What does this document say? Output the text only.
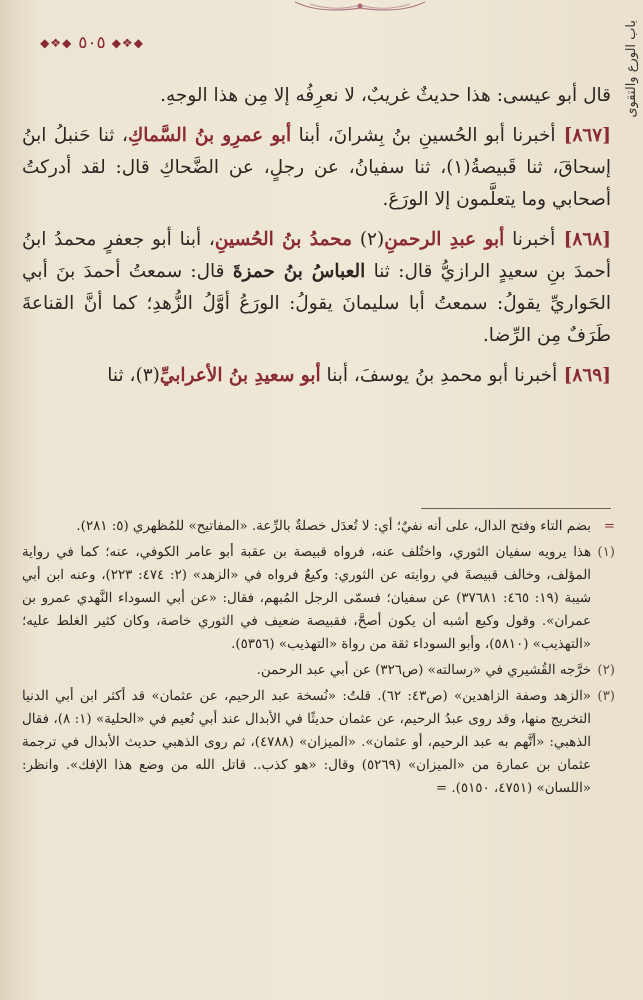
◆❖◆ ٥٠٥ ◆❖◆	باب الورع والتقوى

قال أبو عيسى: هذا حديثٌ غريبٌ، لا نعرِفُه إلا مِن هذا الوجهِ.

[٨٦٧] أخبرنا أبو الحُسينِ بنُ بِشرانَ، أبنا أبو عمرِو بنُ السَّماكِ، ثنا حَنبلُ ابنُ إسحاقَ، ثنا قَبيصةُ(١)، ثنا سفيانُ، عن رجلٍ، عن الضَّحاكِ قال: لقد أدركتُ أصحابي وما يتعلَّمون إلا الورَعَ.

[٨٦٨] أخبرنا أبو عبدِ الرحمنِ(٢) محمدُ بنُ الحُسينِ، أبنا أبو جعفرٍ محمدُ ابنُ أحمدَ بنِ سعيدٍ الرازيُّ قال: ثنا العباسُ بنُ حمزةَ قال: سمعتُ أحمدَ بنَ أبي الحَواريِّ يقولُ: سمعتُ أبا سليمانَ يقولُ: الورَعُ أوَّلُ الزُّهدِ؛ كما أنَّ القناعةَ طَرَفٌ مِن الرِّضا.

[٨٦٩] أخبرنا أبو محمدِ بنُ يوسفَ، أبنا أبو سعيدِ بنُ الأعرابيِّ(٣)، ثنا

=
بضم التاء وفتح الدال، على أنه نفيٌ؛ أي: لا تُعدَل خصلةٌ بالرِّعة. «المفاتيح» للمُظهري (٥: ٢٨١).

(١)
هذا يرويه سفيان الثوري، واختُلف عنه، فرواه قبيصة بن عقبة أبو عامر الكوفي، عنه؛ كما في رواية المؤلف، وخالف قبيصةَ في روايته عن الثوري: وكيعٌ فرواه في «الزهد» (٢: ٤٧٤: ٢٢٣)، وعنه ابن أبي شيبة (١٩: ٤٦٥: ٣٧٦٨١) عن سفيان؛ فسمّى الرجل المُبهم، فقال: «عن أبي السوداء النَّهدي عمرو بن عمران». وقول وكيع أشبه أن يكون أصحَّ، فقبيصة ضعيف في الثوري خاصة، وكان كثير الغلط عليه؛ «التهذيب» (٥٨١٠)، وأبو السوداء ثقة من رواة «التهذيب» (٥٣٥٦).

(٢)
خرَّجه القُشيري في «رسالته» (ص٣٢٦) عن أبي عبد الرحمن.

(٣)
«الزهد وصفة الزاهدين» (ص٤٣: ٦٢). قلتُ: «نُسخة عبد الرحيم، عن عثمان» قد أكثر ابن أبي الدنيا التخريج منها، وقد روى عبدُ الرحيم، عن عثمان حديثًا في الأبدال عند أبي نُعيم في «الحلية» (١: ٨)، فقال الذهبي: «أتَّهم به عبد الرحيم، أو عثمان». «الميزان» (٤٧٨٨)، ثم روى الذهبي حديث الأبدال في ترجمة عثمان بن عمارة من «الميزان» (٥٢٦٩) وقال: «هو كذب.. قاتل الله من وضع هذا الإفك». وانظر: «اللسان» (٤٧٥١، ٥١٥٠). =
